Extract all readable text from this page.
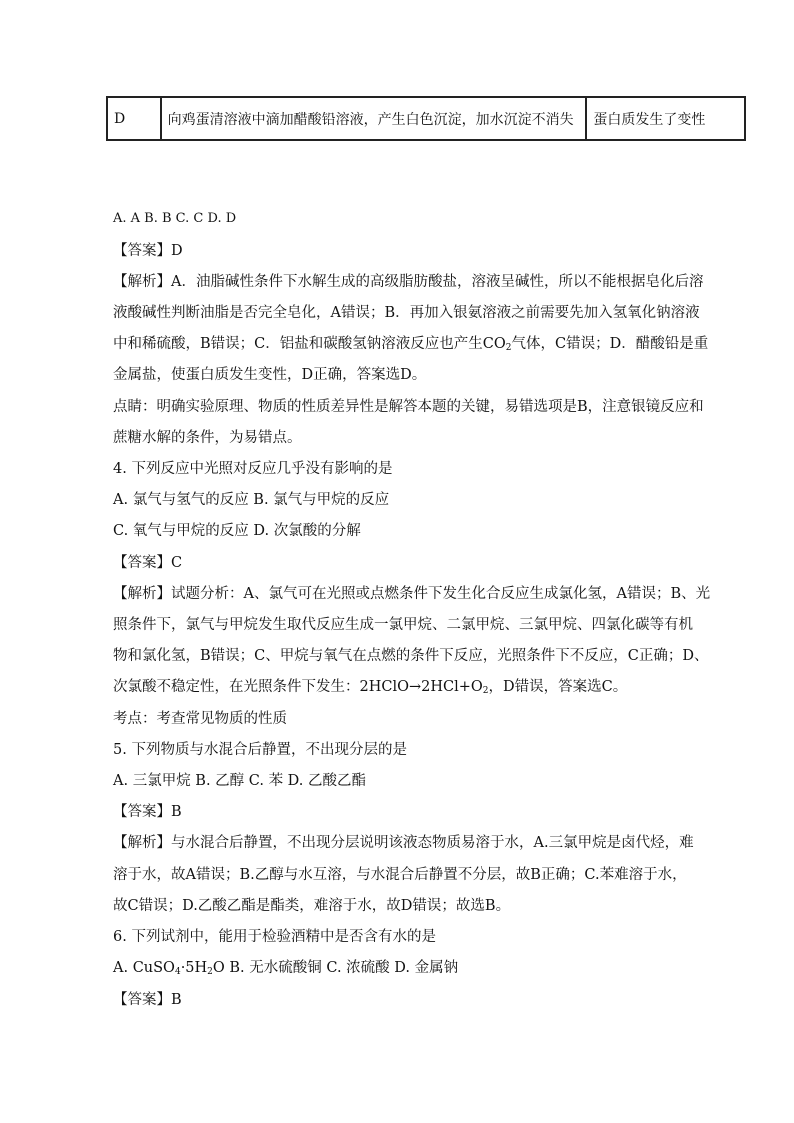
D	向鸡蛋清溶液中滴加醋酸铅溶液，产生白色沉淀，加水沉淀不消失	蛋白质发生了变性
A. A B. B C. C D. D
【答案】D
【解析】A．油脂碱性条件下水解生成的高级脂肪酸盐，溶液呈碱性，所以不能根据皂化后溶
液酸碱性判断油脂是否完全皂化，A错误；B．再加入银氨溶液之前需要先加入氢氧化钠溶液
中和稀硫酸，B错误；C．铝盐和碳酸氢钠溶液反应也产生$CO_2$气体，C错误；D．醋酸铅是重
金属盐，使蛋白质发生变性，D正确，答案选D。
点睛：明确实验原理、物质的性质差异性是解答本题的关键，易错选项是B，注意银镜反应和
蔗糖水解的条件，为易错点。
4. 下列反应中光照对反应几乎没有影响的是
A. 氯气与氢气的反应 B. 氯气与甲烷的反应
C. 氧气与甲烷的反应 D. 次氯酸的分解
【答案】C
【解析】试题分析：A、氯气可在光照或点燃条件下发生化合反应生成氯化氢，A错误；B、光
照条件下，氯气与甲烷发生取代反应生成一氯甲烷、二氯甲烷、三氯甲烷、四氯化碳等有机
物和氯化氢，B错误；C、甲烷与氧气在点燃的条件下反应，光照条件下不反应，C正确；D、
次氯酸不稳定性，在光照条件下发生：$2HClO\to 2HCl+O_2$，D错误，答案选C。
考点：考查常见物质的性质
5. 下列物质与水混合后静置，不出现分层的是
A. 三氯甲烷 B. 乙醇 C. 苯 D. 乙酸乙酯
【答案】B
【解析】与水混合后静置，不出现分层说明该液态物质易溶于水，A.三氯甲烷是卤代烃，难
溶于水，故A错误；B.乙醇与水互溶，与水混合后静置不分层，故B正确；C.苯难溶于水，
故C错误；D.乙酸乙酯是酯类，难溶于水，故D错误；故选B。
6. 下列试剂中，能用于检验酒精中是否含有水的是
A. $CuSO_4\cdot 5H_2O$ B. 无水硫酸铜 C. 浓硫酸 D. 金属钠
【答案】B
